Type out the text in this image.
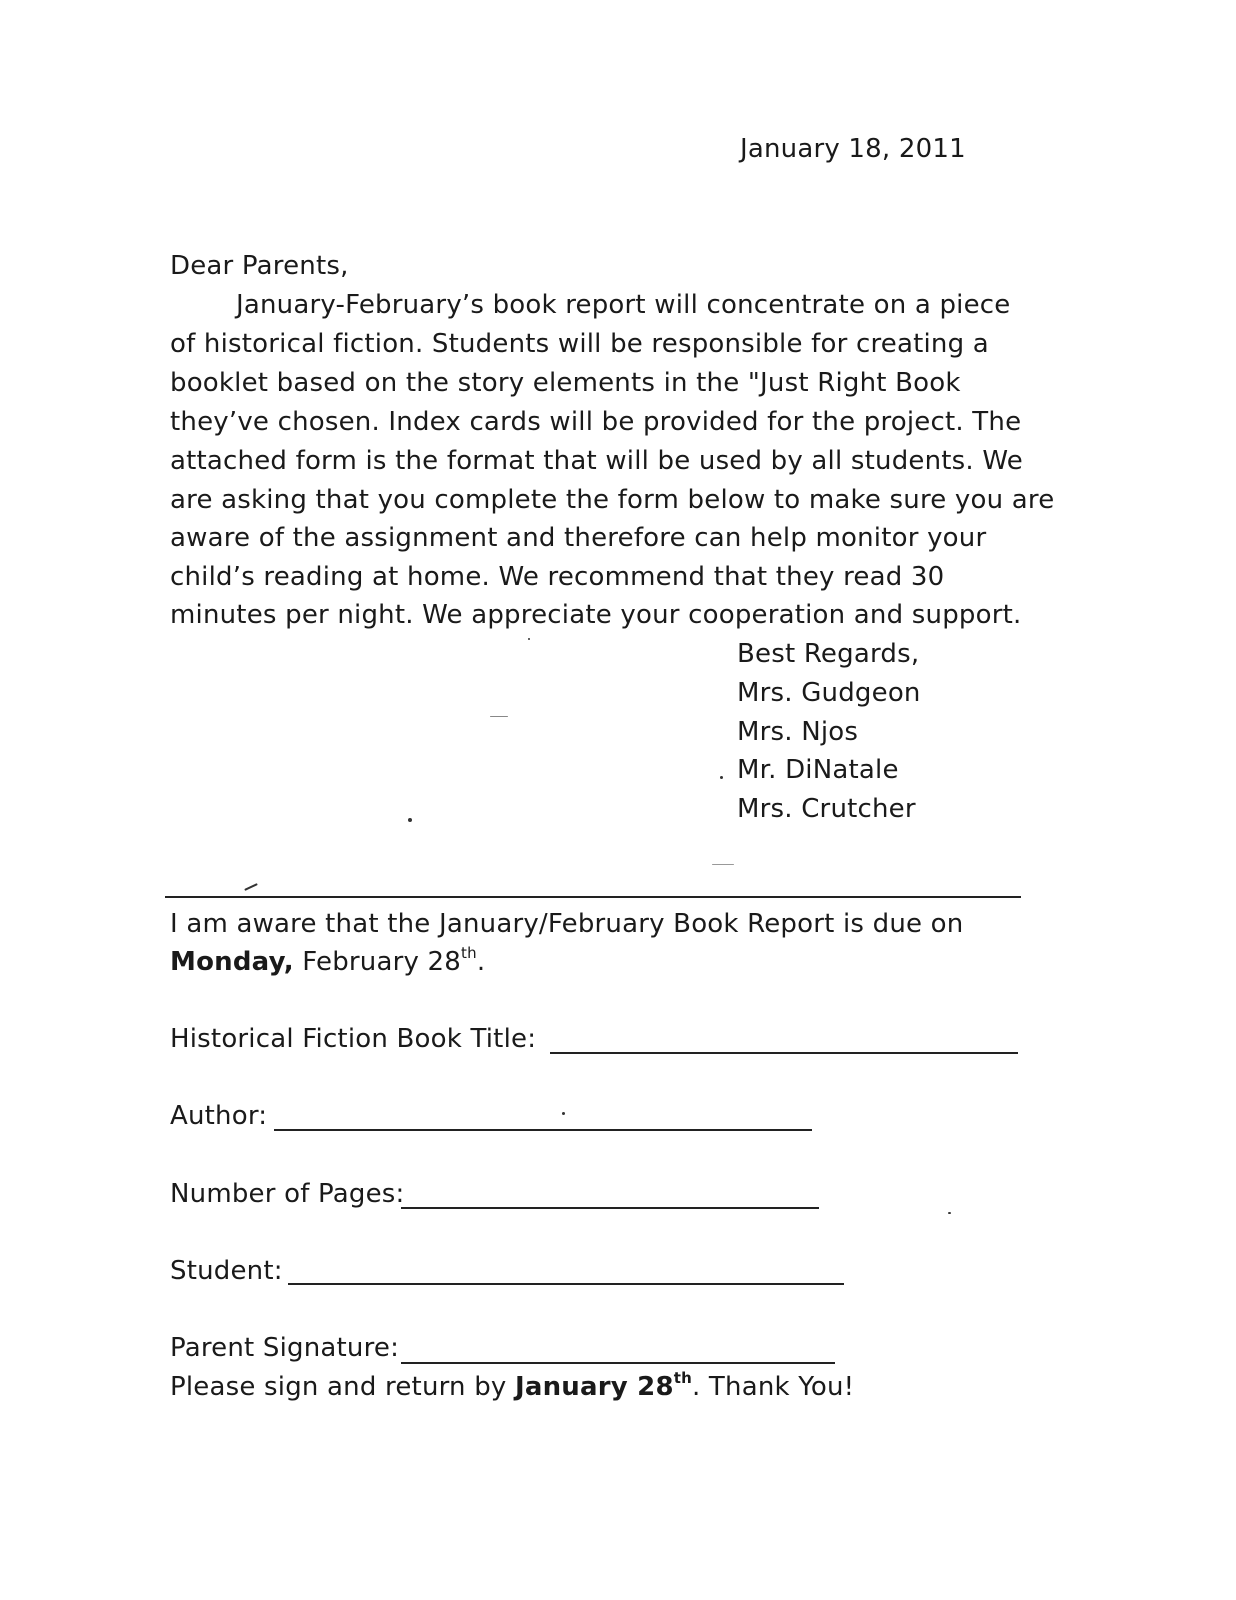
January 18, 2011
Dear Parents,
January-February’s book report will concentrate on a piece
of historical fiction. Students will be responsible for creating a
booklet based on the story elements in the "Just Right Book
they’ve chosen. Index cards will be provided for the project. The
attached form is the format that will be used by all students. We
are asking that you complete the form below to make sure you are
aware of the assignment and therefore can help monitor your
child’s reading at home. We recommend that they read 30
minutes per night. We appreciate your cooperation and support.
Best Regards,
Mrs. Gudgeon
Mrs. Njos
Mr. DiNatale
Mrs. Crutcher
I am aware that the January/February Book Report is due on
Monday, February 28th.
Historical Fiction Book Title:
Author:
Number of Pages:
Student:
Parent Signature:
Please sign and return by January 28th. Thank You!
